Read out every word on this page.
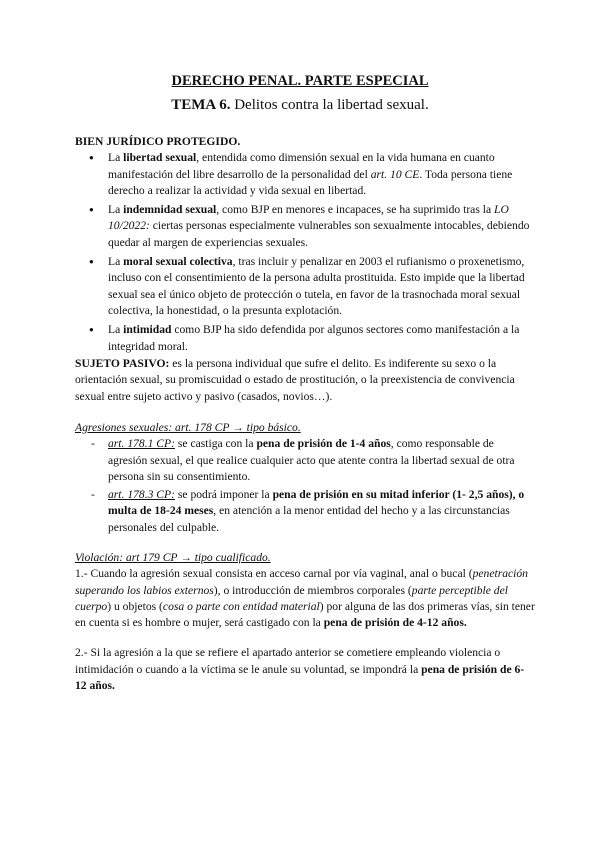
DERECHO PENAL. PARTE ESPECIAL
TEMA 6. Delitos contra la libertad sexual.
BIEN JURÍDICO PROTEGIDO.
● La libertad sexual, entendida como dimensión sexual en la vida humana en cuanto manifestación del libre desarrollo de la personalidad del art. 10 CE. Toda persona tiene derecho a realizar la actividad y vida sexual en libertad.
● La indemnidad sexual, como BJP en menores e incapaces, se ha suprimido tras la LO 10/2022: ciertas personas especialmente vulnerables son sexualmente intocables, debiendo quedar al margen de experiencias sexuales.
● La moral sexual colectiva, tras incluir y penalizar en 2003 el rufianismo o proxenetismo, incluso con el consentimiento de la persona adulta prostituida. Esto impide que la libertad sexual sea el único objeto de protección o tutela, en favor de la trasnochada moral sexual colectiva, la honestidad, o la presunta explotación.
● La intimidad como BJP ha sido defendida por algunos sectores como manifestación a la integridad moral.

SUJETO PASIVO: es la persona individual que sufre el delito. Es indiferente su sexo o la orientación sexual, su promiscuidad o estado de prostitución, o la preexistencia de convivencia sexual entre sujeto activo y pasivo (casados, novios…).

Agresiones sexuales: art. 178 CP → tipo básico.
- art. 178.1 CP: se castiga con la pena de prisión de 1-4 años, como responsable de agresión sexual, el que realice cualquier acto que atente contra la libertad sexual de otra persona sin su consentimiento.
- art. 178.3 CP: se podrá imponer la pena de prisión en su mitad inferior (1- 2,5 años), o multa de 18-24 meses, en atención a la menor entidad del hecho y a las circunstancias personales del culpable.
Violación: art 179 CP → tipo cualificado.

1.- Cuando la agresión sexual consista en acceso carnal por vía vaginal, anal o bucal (penetración superando los labios externos), o introducción de miembros corporales (parte perceptible del cuerpo) u objetos (cosa o parte con entidad material) por alguna de las dos primeras vías, sin tener en cuenta si es hombre o mujer, será castigado con la pena de prisión de 4-12 años.

2.- Si la agresión a la que se refiere el apartado anterior se cometiere empleando violencia o intimidación o cuando a la víctima se le anule su voluntad, se impondrá la pena de prisión de 6-12 años.
